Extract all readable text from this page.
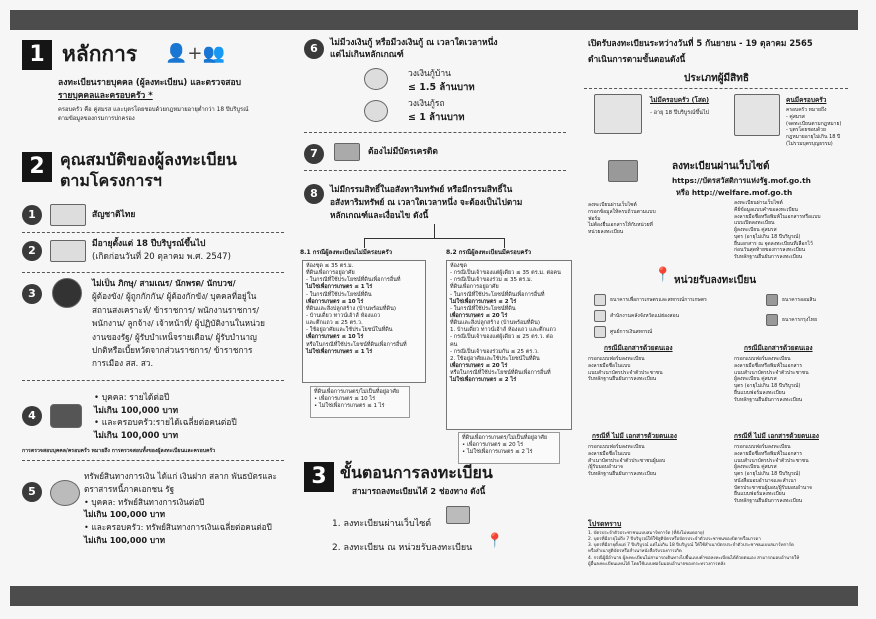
1 หลักการ 👤+👥
ลงทะเบียนรายบุคคล (ผู้ลงทะเบียน) และตรวจสอบ
รายบุคคลและครอบครัว *
ครอบครัว คือ คู่สมรส และบุตรโดยชอบด้วยกฎหมายอายุต่ำกว่า 18 ปีบริบูรณ์
ตามข้อมูลของกรมการปกครอง
2 คุณสมบัติของผู้ลงทะเบียน
ตามโครงการฯ
1	สัญชาติไทย
2	มีอายุตั้งแต่ 18 ปีบริบูรณ์ขึ้นไป
(เกิดก่อนวันที่ 20 ตุลาคม พ.ศ. 2547)
3
ไม่เป็น ภิกษุ/ สามเณร/ นักพรต/ นักบวช/
ผู้ต้องขัง/ ผู้ถูกกักกัน/ ผู้ต้องกักขัง/ บุคคลที่อยู่ใน
สถานสงเคราะห์/ ข้าราชการ/ พนักงานราชการ/
พนักงาน/ ลูกจ้าง/ เจ้าหน้าที่/ ผู้ปฏิบัติงานในหน่วย
งานของรัฐ/ ผู้รับบำเหน็จรายเดือน/ ผู้รับบำนาญ
ปกติหรือเบี้ยหวัดจากส่วนราชการ/ ข้าราชการ
การเมือง สส. สว.
4
• บุคคล: รายได้ต่อปี
ไม่เกิน 100,000 บาท
• และครอบครัว:รายได้เฉลี่ยต่อคนต่อปี
ไม่เกิน 100,000 บาท
การตรวจสอบบุคคล/ครอบครัว หมายถึง การตรวจสอบทั้งของผู้ลงทะเบียนและครอบครัว
5
ทรัพย์สินทางการเงิน ได้แก่ เงินฝาก สลาก พันธบัตรและ
ตราสารหนี้ภาคเอกชน รัฐ
• บุคคล: ทรัพย์สินทางการเงินต่อปี
ไม่เกิน 100,000 บาท
• และครอบครัว: ทรัพย์สินทางการเงินเฉลี่ยต่อคนต่อปี
ไม่เกิน 100,000 บาท
6	ไม่มีวงเงินกู้ หรือมีวงเงินกู้ ณ เวลาใดเวลาหนึ่ง
แต่ไม่เกินหลักเกณฑ์
วงเงินกู้บ้าน
≤ 1.5 ล้านบาท
วงเงินกู้รถ
≤ 1 ล้านบาท
7	ต้องไม่มีบัตรเครดิต
8	ไม่มีกรรมสิทธิ์ในอสังหาริมทรัพย์ หรือมีกรรมสิทธิ์ใน
อสังหาริมทรัพย์ ณ เวลาใดเวลาหนึ่ง จะต้องเป็นไปตาม
หลักเกณฑ์และเงื่อนไข ดังนี้
8.1 กรณีผู้ลงทะเบียนไม่มีครอบครัว	8.2 กรณีผู้ลงทะเบียนมีครอบครัว
ห้องชุด ≤ 35 ตร.ม.
ที่ดินเพื่อการอยู่อาศัย
- ในกรณีที่ใช้ประโยชน์ที่ดินเพื่อการอื่นที่
ไม่ใช่เพื่อการเกษตร ≤ 1 ไร่
- ในกรณีที่ใช้ประโยชน์ที่ดิน
เพื่อการเกษตร ≤ 10 ไร่
ที่ดินและสิ่งปลูกสร้าง (บ้านพร้อมที่ดิน)
- บ้านเดี่ยว ทาวน์เฮ้าส์ ห้องแถว
และตึกแถว ≤ 25 ตร.ว.
- ใช้อยู่อาศัยและใช้ประโยชน์ในที่ดิน
เพื่อการเกษตร ≤ 10 ไร่
หรือในกรณีที่ใช้ประโยชน์ที่ดินเพื่อการอื่นที่
ไม่ใช่เพื่อการเกษตร ≤ 1 ไร่
ที่ดินเพื่อการเกษตร/ไม่เป็นที่อยู่อาศัย
• เพื่อการเกษตร ≤ 10 ไร่
• ไม่ใช่เพื่อการเกษตร ≤ 1 ไร่
ห้องชุด
- กรณีเป็นเจ้าของแต่ผู้เดียว ≤ 35 ตร.ม. ต่อคน
- กรณีเป็นเจ้าของร่วม ≤ 35 ตร.ม.
ที่ดินเพื่อการอยู่อาศัย
- ในกรณีที่ใช้ประโยชน์ที่ดินเพื่อการอื่นที่
ไม่ใช่เพื่อการเกษตร ≤ 2 ไร่
- ในกรณีที่ใช้ประโยชน์ที่ดิน
เพื่อการเกษตร ≤ 20 ไร่
ที่ดินและสิ่งปลูกสร้าง (บ้านพร้อมที่ดิน)
1. บ้านเดี่ยว ทาวน์เฮ้าส์ ห้องแถว และตึกแถว
- กรณีเป็นเจ้าของแต่ผู้เดียว ≤ 25 ตร.ว. ต่อ
คน
- กรณีเป็นเจ้าของร่วมกัน ≤ 25 ตร.ว.
2. ใช้อยู่อาศัยและใช้ประโยชน์ในที่ดิน
เพื่อการเกษตร ≤ 20 ไร่
หรือในกรณีที่ใช้ประโยชน์ที่ดินเพื่อการอื่นที่
ไม่ใช่เพื่อการเกษตร ≤ 2 ไร่
ที่ดินเพื่อการเกษตร/ไม่เป็นที่อยู่อาศัย
• เพื่อการเกษตร ≤ 20 ไร่
• ไม่ใช่เพื่อการเกษตร ≤ 2 ไร่
3 ขั้นตอนการลงทะเบียน
สามารถลงทะเบียนได้ 2 ช่องทาง ดังนี้
1. ลงทะเบียนผ่านเว็บไซต์
2. ลงทะเบียน ณ หน่วยรับลงทะเบียน 📍
เปิดรับลงทะเบียนระหว่างวันที่ 5 กันยายน - 19 ตุลาคม 2565
ดำเนินการตามขั้นตอนดังนี้
ประเภทผู้มีสิทธิ
ไม่มีครอบครัว (โสด)
- อายุ 18 ปีบริบูรณ์ขึ้นไป
คนมีครอบครัว
ครอบครัว หมายถึง
- คู่สมรส
(จดทะเบียนตามกฎหมาย)
- บุตรโดยชอบด้วย
กฎหมายอายุไม่เกิน 18 ปี
(ไม่รวมบุตรบุญธรรม)
ลงทะเบียนผ่านเว็บไซต์
https://บัตรสวัสดิการแห่งรัฐ.mof.go.th
หรือ http://welfare.mof.go.th
ลงทะเบียนผ่านเว็บไซต์
กรอกข้อมูลให้ครบถ้วนตามแบบ
ฟอร์ม
ไม่ต้องยื่นเอกสารให้กับหน่วยที่
หน่วยลงทะเบียน
ลงทะเบียนผ่านเว็บไซต์
คีย์ข้อมูลแบบคำขอลงทะเบียน
ลงลายมือชื่อหรือพิมพ์ในเอกสารหรือแบบ
แบบเปิดลงทะเบียน
ผู้ลงทะเบียน คู่สมรส
บุตร (อายุไม่เกิน 18 ปีบริบูรณ์)
ยื่นเอกสาร ณ จุดลงทะเบียนที่เลือกไว้
ก่อนวันสุดท้ายของการลงทะเบียน
รับหลักฐานยืนยันการลงทะเบียน
📍 หน่วยรับลงทะเบียน
ธนาคารเพื่อการเกษตรและสหกรณ์การเกษตร
สำนักงานคลังจังหวัดแม่ฮ่องสอน
ศูนย์การเงินสหกรณ์
ธนาคารออมสิน
ธนาคารกรุงไทย
กรณีมีเอกสารด้วยตนเอง
กรอกแบบฟอร์มลงทะเบียน
ลงลายมือชื่อในแบบ
แนบสำเนาบัตรประจำตัวประชาชน
รับหลักฐานยืนยันการลงทะเบียน
กรณีมีเอกสารด้วยตนเอง
กรอกแบบฟอร์มลงทะเบียน
ลงลายมือชื่อหรือพิมพ์ในเอกสาร
แนบสำเนาบัตรประจำตัวประชาชน
ผู้ลงทะเบียน คู่สมรส
บุตร (อายุไม่เกิน 18 ปีบริบูรณ์)
ยื่นแบบฟอร์มลงทะเบียน
รับหลักฐานยืนยันการลงทะเบียน
กรณีที่ ไม่มี เอกสารด้วยตนเอง
กรอกแบบฟอร์มลงทะเบียน
ลงลายมือชื่อในแบบ
สำเนาบัตรประจำตัวประชาชนผู้มอบ
/ผู้รับมอบอำนาจ
รับหลักฐานยืนยันการลงทะเบียน
กรณีที่ ไม่มี เอกสารด้วยตนเอง
กรอกแบบฟอร์มลงทะเบียน
ลงลายมือชื่อหรือพิมพ์ในเอกสาร
แนบสำเนาบัตรประจำตัวประชาชน
ผู้ลงทะเบียน คู่สมรส
บุตร (อายุไม่เกิน 18 ปีบริบูรณ์)
หนังสือมอบอำนาจและสำเนา
บัตรประชาชนผู้มอบ/ผู้รับมอบอำนาจ
ยื่นแบบฟอร์มลงทะเบียน
รับหลักฐานยืนยันการลงทะเบียน
โปรดทราบ
1. บัตรประจำตัวประชาชนแบบสมาร์ทการ์ด (ที่ยังไม่หมดอายุ)
2. บุตรที่มีอายุไม่ถึง 7 ปีบริบูรณ์ให้ใช้สูติบัตรหรือบัตรประจำตัวประชาชนของบิดาหรือมารดา
3. บุตรที่มีอายุตั้งแต่ 7 ปีบริบูรณ์ แต่ไม่เกิน 18 ปีบริบูรณ์ ให้ใช้สำเนาบัตรประจำตัวประชาชนแบบสมาร์ทการ์ด
หรือสำเนาสูติบัตรหรือสำเนาหนังสือรับรองการเกิด
4. กรณีผู้มีอำนาจ ผู้ลงทะเบียนไม่สามารถเดินทางไปยื่นแบบคำขอลงทะเบียนได้ด้วยตนเอง สามารถมอบอำนาจให้
ผู้อื่นลงทะเบียนแทนได้ โดยใช้แบบฟอร์มมอบอำนาจของกระทรวงการคลัง
